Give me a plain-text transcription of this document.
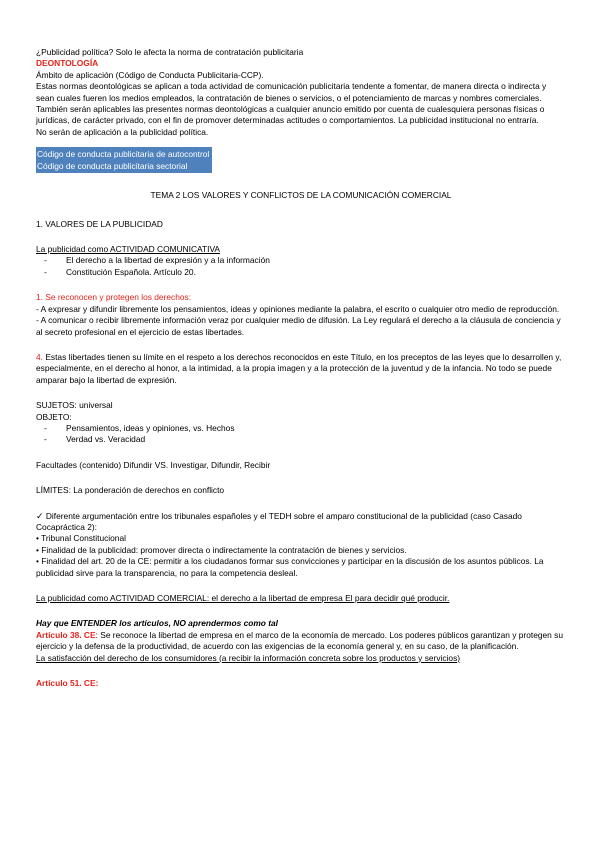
¿Publicidad política? Solo le afecta la norma de contratación publicitaria

DEONTOLOGÍA

Ámbito de aplicación (Código de Conducta Publicitaria-CCP).

Estas normas deontológicas se aplican a toda actividad de comunicación publicitaria tendente a fomentar, de manera directa o indirecta y sean cuales fueren los medios empleados, la contratación de bienes o servicios, o el potenciamiento de marcas y nombres comerciales.

También serán aplicables las presentes normas deontológicas a cualquier anuncio emitido por cuenta de cualesquiera personas físicas o jurídicas, de carácter privado, con el fin de promover determinadas actitudes o comportamientos. La publicidad institucional no entraría.

No serán de aplicación a la publicidad política.

Código de conducta publicitaria de autocontrol

Código de conducta publicitaria sectorial

TEMA 2 LOS VALORES Y CONFLICTOS DE LA COMUNICACIÓN COMERCIAL

1. VALORES DE LA PUBLICIDAD

La publicidad como ACTIVIDAD COMUNICATIVA

-	El derecho a la libertad de expresión y a la información
-	Constitución Española. Artículo 20.

1. Se reconocen y protegen los derechos:

- A expresar y difundir libremente los pensamientos, ideas y opiniones mediante la palabra, el escrito o cualquier otro medio de reproducción.

- A comunicar o recibir libremente información veraz por cualquier medio de difusión. La Ley regulará el derecho a la cláusula de conciencia y al secreto profesional en el ejercicio de estas libertades.

4. Estas libertades tienen su límite en el respeto a los derechos reconocidos en este Título, en los preceptos de las leyes que lo desarrollen y, especialmente, en el derecho al honor, a la intimidad, a la propia imagen y a la protección de la juventud y de la infancia. No todo se puede amparar bajo la libertad de expresión.

SUJETOS: universal

OBJETO:

-	Pensamientos, ideas y opiniones, vs. Hechos
-	Verdad vs. Veracidad

Facultades (contenido) Difundir VS. Investigar, Difundir, Recibir

LÍMITES: La ponderación de derechos en conflicto

✓ Diferente argumentación entre los tribunales españoles y el TEDH sobre el amparo constitucional de la publicidad (caso Casado Cocapráctica 2):

• Tribunal Constitucional

• Finalidad de la publicidad: promover directa o indirectamente la contratación de bienes y servicios.

• Finalidad del art. 20 de la CE: permitir a los ciudadanos formar sus convicciones y participar en la discusión de los asuntos públicos. La publicidad sirve para la transparencia, no para la competencia desleal.

La publicidad como ACTIVIDAD COMERCIAL: el derecho a la libertad de empresa El para decidir qué producir.

Hay que ENTENDER los artículos, NO aprendermos como tal

Artículo 38. CE: Se reconoce la libertad de empresa en el marco de la economía de mercado. Los poderes públicos garantizan y protegen su ejercicio y la defensa de la productividad, de acuerdo con las exigencias de la economía general y, en su caso, de la planificación.

La satisfacción del derecho de los consumidores (a recibir la información concreta sobre los productos y servicios)

Artículo 51. CE:
